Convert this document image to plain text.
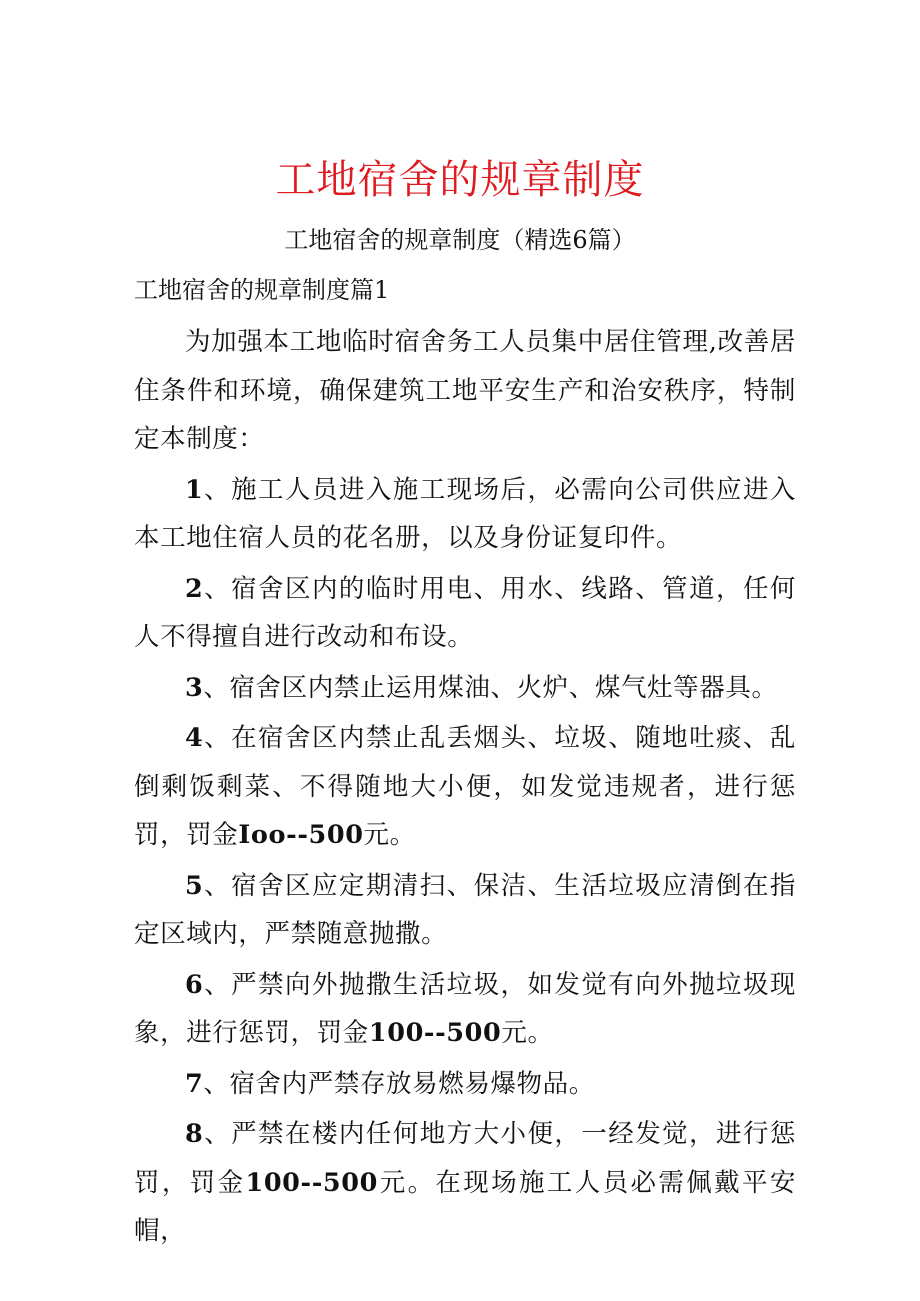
工地宿舍的规章制度

工地宿舍的规章制度（精选6篇）

工地宿舍的规章制度篇1

为加强本工地临时宿舍务工人员集中居住管理,改善居住条件和环境，确保建筑工地平安生产和治安秩序，特制定本制度：

1、施工人员进入施工现场后，必需向公司供应进入本工地住宿人员的花名册，以及身份证复印件。

2、宿舍区内的临时用电、用水、线路、管道，任何人不得擅自进行改动和布设。

3、宿舍区内禁止运用煤油、火炉、煤气灶等器具。

4、在宿舍区内禁止乱丢烟头、垃圾、随地吐痰、乱倒剩饭剩菜、不得随地大小便，如发觉违规者，进行惩罚，罚金Ioo--500元。

5、宿舍区应定期清扫、保洁、生活垃圾应清倒在指定区域内，严禁随意抛撒。

6、严禁向外抛撒生活垃圾，如发觉有向外抛垃圾现象，进行惩罚，罚金100--500元。

7、宿舍内严禁存放易燃易爆物品。

8、严禁在楼内任何地方大小便，一经发觉，进行惩罚，罚金100--500元。在现场施工人员必需佩戴平安帽，
